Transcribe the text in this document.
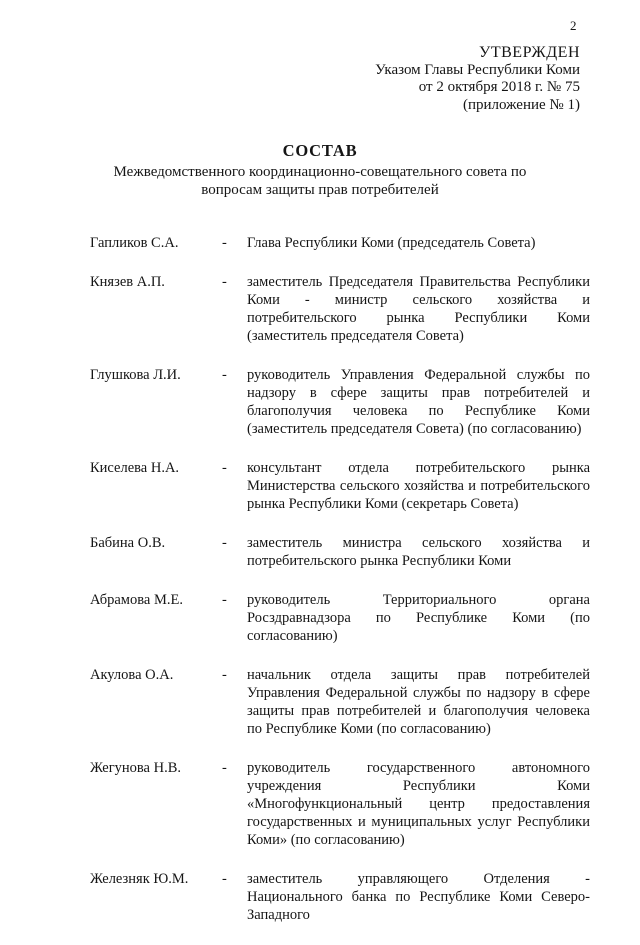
2
УТВЕРЖДЕН
Указом Главы Республики Коми
от 2 октября 2018 г. № 75
(приложение № 1)
СОСТАВ
Межведомственного координационно-совещательного совета по вопросам защиты прав потребителей
Гапликов С.А.	-	Глава Республики Коми (председатель Совета)
Князев А.П.	-	заместитель Председателя Правительства Республики Коми - министр сельского хозяйства и потребительского рынка Республики Коми (заместитель председателя Совета)
Глушкова Л.И.	-	руководитель Управления Федеральной службы по надзору в сфере защиты прав потребителей и благополучия человека по Республике Коми (заместитель председателя Совета) (по согласованию)
Киселева Н.А.	-	консультант отдела потребительского рынка Министерства сельского хозяйства и потребительского рынка Республики Коми (секретарь Совета)
Бабина О.В.	-	заместитель министра сельского хозяйства и потребительского рынка Республики Коми
Абрамова М.Е.	-	руководитель Территориального органа Росздравнадзора по Республике Коми (по согласованию)
Акулова О.А.	-	начальник отдела защиты прав потребителей Управления Федеральной службы по надзору в сфере защиты прав потребителей и благополучия человека по Республике Коми (по согласованию)
Жегунова Н.В.	-	руководитель государственного автономного учреждения Республики Коми «Многофункциональный центр предоставления государственных и муниципальных услуг Республики Коми» (по согласованию)
Железняк Ю.М.	-	заместитель управляющего Отделения - Национального банка по Республике Коми Северо-Западного
